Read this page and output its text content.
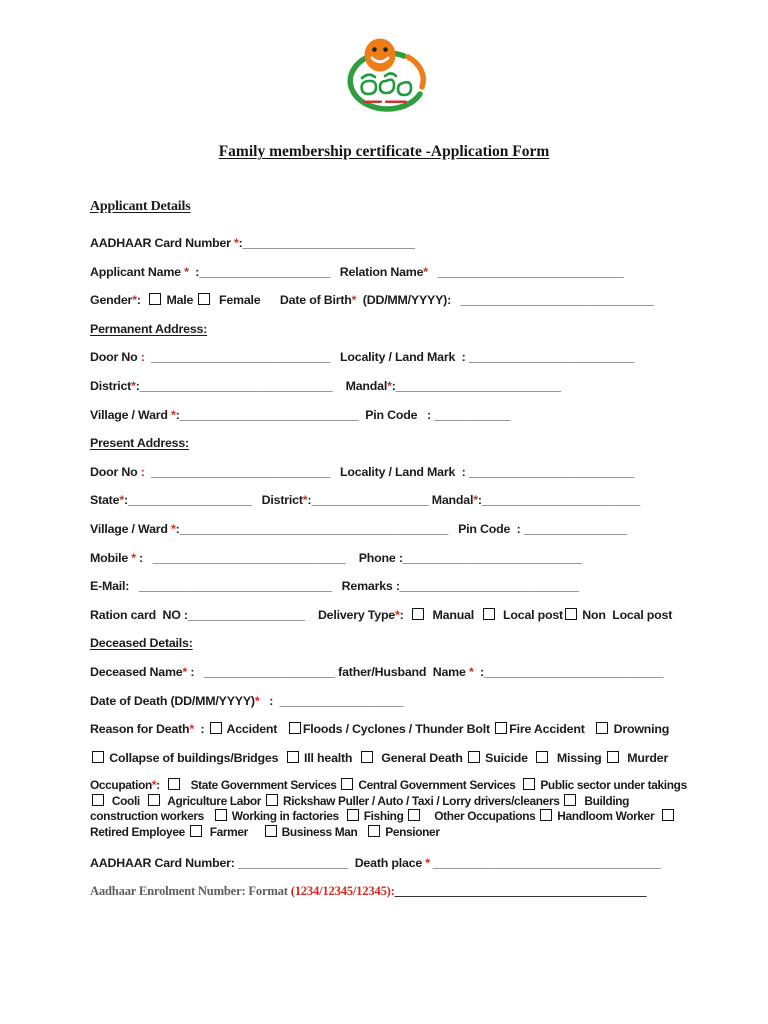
Family membership certificate -Application Form
Applicant Details
AADHAAR Card Number *:_________________________
Applicant Name *  :___________________   Relation Name* ___________________________
Gender*:   Male   Female      Date of Birth*  (DD/MM/YYYY):   ____________________________
Permanent Address:
Door No : __________________________   Locality / Land Mark  : ________________________
District*:____________________________    Mandal*:________________________
Village / Ward *:__________________________  Pin Code   : ___________
Present Address:
Door No : __________________________   Locality / Land Mark  : ________________________
State*:__________________   District*:_________________ Mandal*:_______________________
Village / Ward *:_______________________________________   Pin Code  : _______________
Mobile * :   ____________________________    Phone :__________________________
E-Mail:   ____________________________   Remarks :__________________________
Ration card  NO :_________________    Delivery Type*:    Manual    Local post Non  Local post
Deceased Details:
Deceased Name* :   ___________________ father/Husband  Name *  :__________________________
Date of Death (DD/MM/YYYY)*   :  __________________
Reason for Death*  :  Accident   Floods / Cyclones / Thunder Bolt Fire Accident    Drowning
Collapse of buildings/Bridges   Ill health    General Death  Suicide    Missing   Murder
Occupation*:     State Government Services  Central Government Services   Public sector under takings
Cooli    Agriculture Labor  Rickshaw Puller / Auto / Taxi / Lorry drivers/cleaners   Building
construction workers    Working in factories   Fishing     Other Occupations  Handloom Worker
Retired Employee   Farmer      Business Man    Pensioner
AADHAAR Card Number: ________________  Death place * _________________________________
Aadhaar Enrolment Number: Format (1234/12345/12345):________________________________________
